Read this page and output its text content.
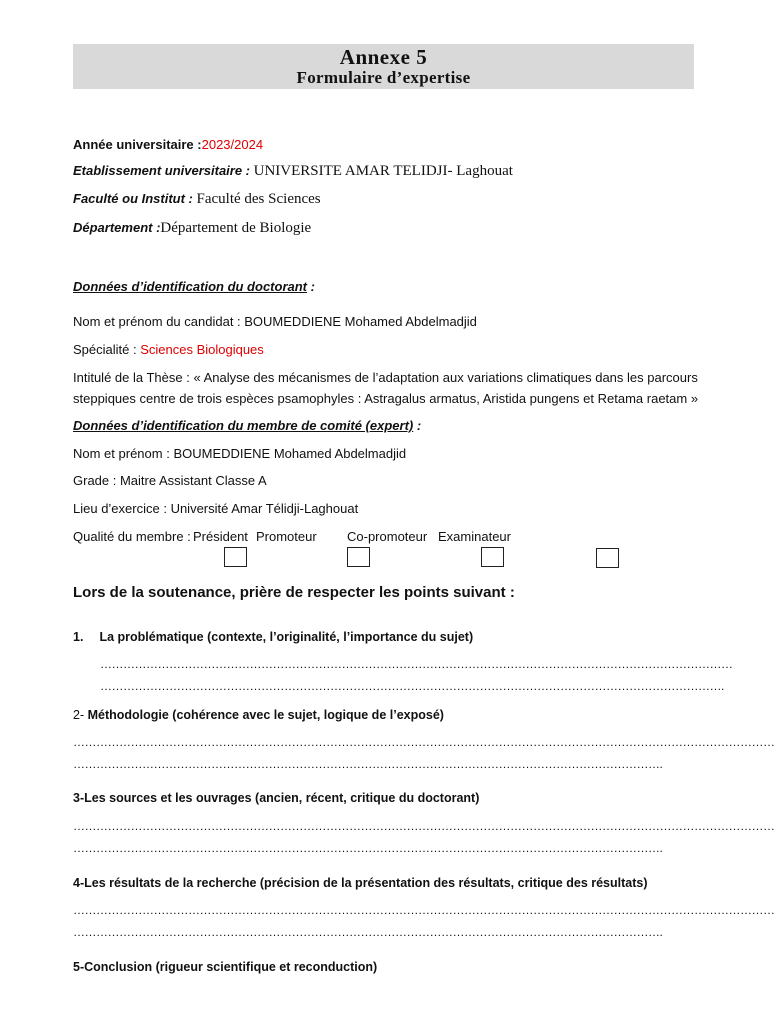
Annexe 5
Formulaire d’expertise
Année universitaire :2023/2024
Etablissement universitaire : UNIVERSITE AMAR TELIDJI- Laghouat
Faculté ou Institut : Faculté des Sciences
Département :Département de Biologie
Données d’identification du doctorant :
Nom et prénom du candidat : BOUMEDDIENE Mohamed Abdelmadjid
Spécialité : Sciences Biologiques
Intitulé de la Thèse : « Analyse des mécanismes de l’adaptation aux variations climatiques dans les parcours
steppiques centre de trois espèces psamophyles : Astragalus armatus, Aristida pungens et Retama raetam »
Données d’identification du membre de comité (expert) :
Nom et prénom : BOUMEDDIENE Mohamed Abdelmadjid
Grade : Maitre Assistant Classe A
Lieu d’exercice : Université Amar Télidji-Laghouat
Qualité du membre : Président Promoteur Co-promoteur Examinateur
Lors de la soutenance, prière de respecter les points suivant :
1. La problématique (contexte, l’originalité, l’importance du sujet)
…………………………………………………………………………………………………………………………………………………
……………………………………………………………………………………………………………………………………………….
2- Méthodologie (cohérence avec le sujet, logique de l’exposé)
…………………………………………………………………………………………………………………………………………………………………
……………………………………………………………………………………………………………………………………….
3-Les sources et les ouvrages (ancien, récent, critique du doctorant)
…………………………………………………………………………………………………………………………………………………………………
……………………………………………………………………………………………………………………………………….
4-Les résultats de la recherche (précision de la présentation des résultats, critique des résultats)
…………………………………………………………………………………………………………………………………………………………………
……………………………………………………………………………………………………………………………………….
5-Conclusion (rigueur scientifique et reconduction)
